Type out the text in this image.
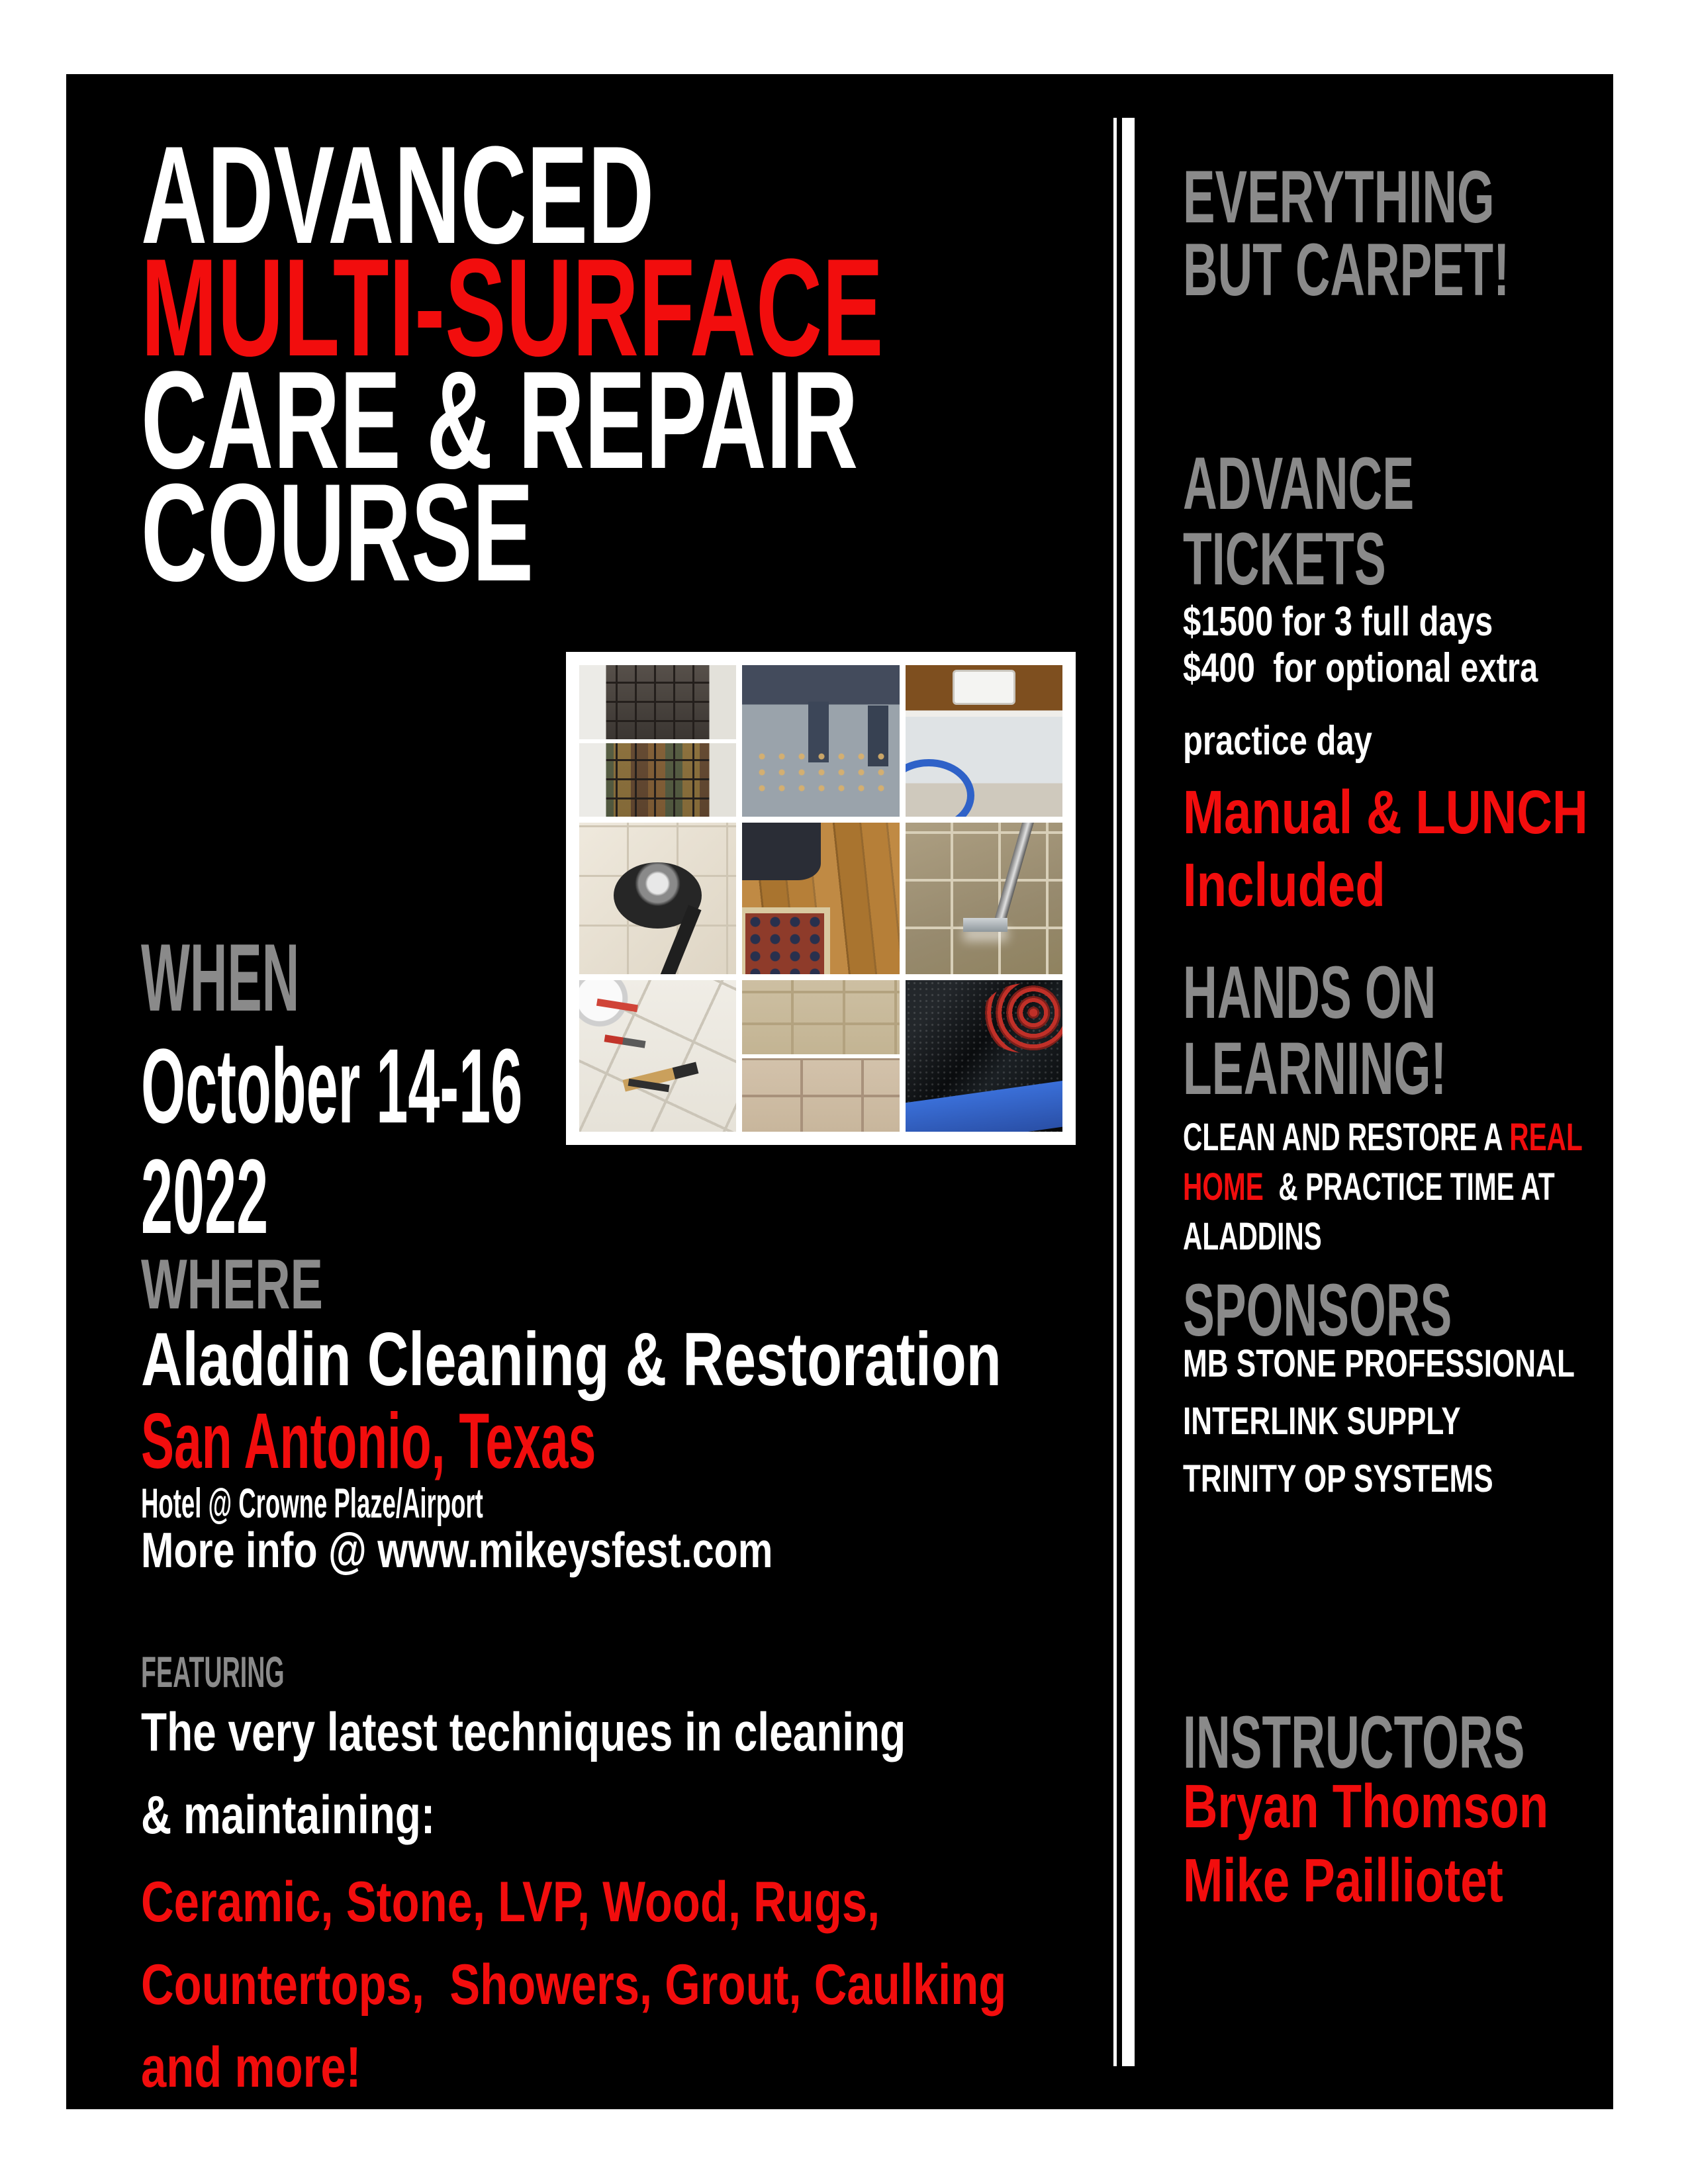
ADVANCED
MULTI-SURFACE
CARE & REPAIR
COURSE
WHEN
October 14-16
2022
WHERE
Aladdin Cleaning & Restoration
San Antonio, Texas
Hotel @ Crowne Plaze/Airport
More info @ www.mikeysfest.com
FEATURING
The very latest techniques in cleaning
& maintaining:
Ceramic, Stone, LVP, Wood, Rugs,
Countertops,  Showers, Grout, Caulking
and more!
EVERYTHING
BUT CARPET!
ADVANCE
TICKETS
$1500 for 3 full days
$400  for optional extra
practice day
Manual & LUNCH
Included
HANDS ON
LEARNING!
CLEAN AND RESTORE A REAL
HOME  & PRACTICE TIME AT
ALADDINS
SPONSORS
MB STONE PROFESSIONAL
INTERLINK SUPPLY
TRINITY OP SYSTEMS
INSTRUCTORS
Bryan Thomson
Mike Pailliotet
